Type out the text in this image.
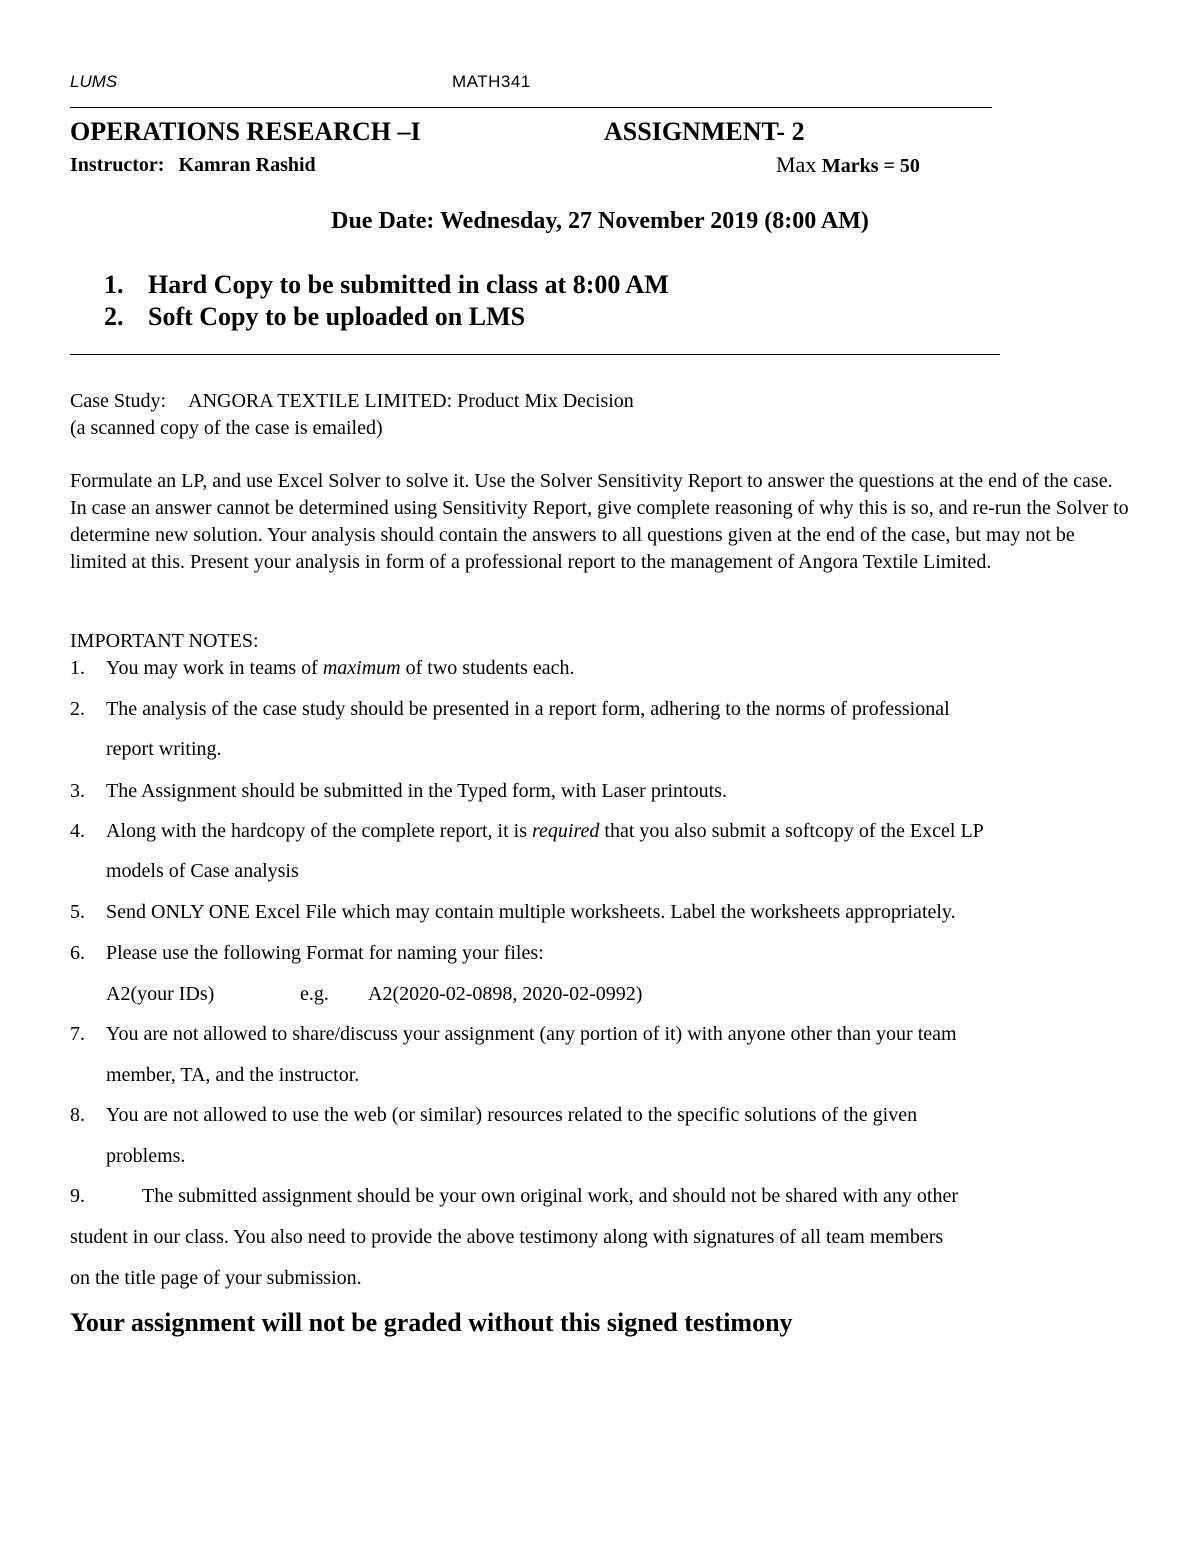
LUMS	MATH341
OPERATIONS RESEARCH –I	ASSIGNMENT- 2
Instructor: Kamran Rashid	Max Marks = 50
Due Date: Wednesday, 27 November 2019 (8:00 AM)
1. Hard Copy to be submitted in class at 8:00 AM
2. Soft Copy to be uploaded on LMS
Case Study: ANGORA TEXTILE LIMITED: Product Mix Decision
(a scanned copy of the case is emailed)
Formulate an LP, and use Excel Solver to solve it. Use the Solver Sensitivity Report to answer the questions at the end of the case. In case an answer cannot be determined using Sensitivity Report, give complete reasoning of why this is so, and re-run the Solver to determine new solution. Your analysis should contain the answers to all questions given at the end of the case, but may not be limited at this. Present your analysis in form of a professional report to the management of Angora Textile Limited.
IMPORTANT NOTES:
1. You may work in teams of maximum of two students each.
2. The analysis of the case study should be presented in a report form, adhering to the norms of professional
report writing.
3. The Assignment should be submitted in the Typed form, with Laser printouts.
4. Along with the hardcopy of the complete report, it is required that you also submit a softcopy of the Excel LP
models of Case analysis
5. Send ONLY ONE Excel File which may contain multiple worksheets. Label the worksheets appropriately.
6. Please use the following Format for naming your files:
A2(your IDs)	e.g. A2(2020-02-0898, 2020-02-0992)
7. You are not allowed to share/discuss your assignment (any portion of it) with anyone other than your team
member, TA, and the instructor.
8. You are not allowed to use the web (or similar) resources related to the specific solutions of the given
problems.
9.	The submitted assignment should be your own original work, and should not be shared with any other
student in our class. You also need to provide the above testimony along with signatures of all team members
on the title page of your submission.
Your assignment will not be graded without this signed testimony
